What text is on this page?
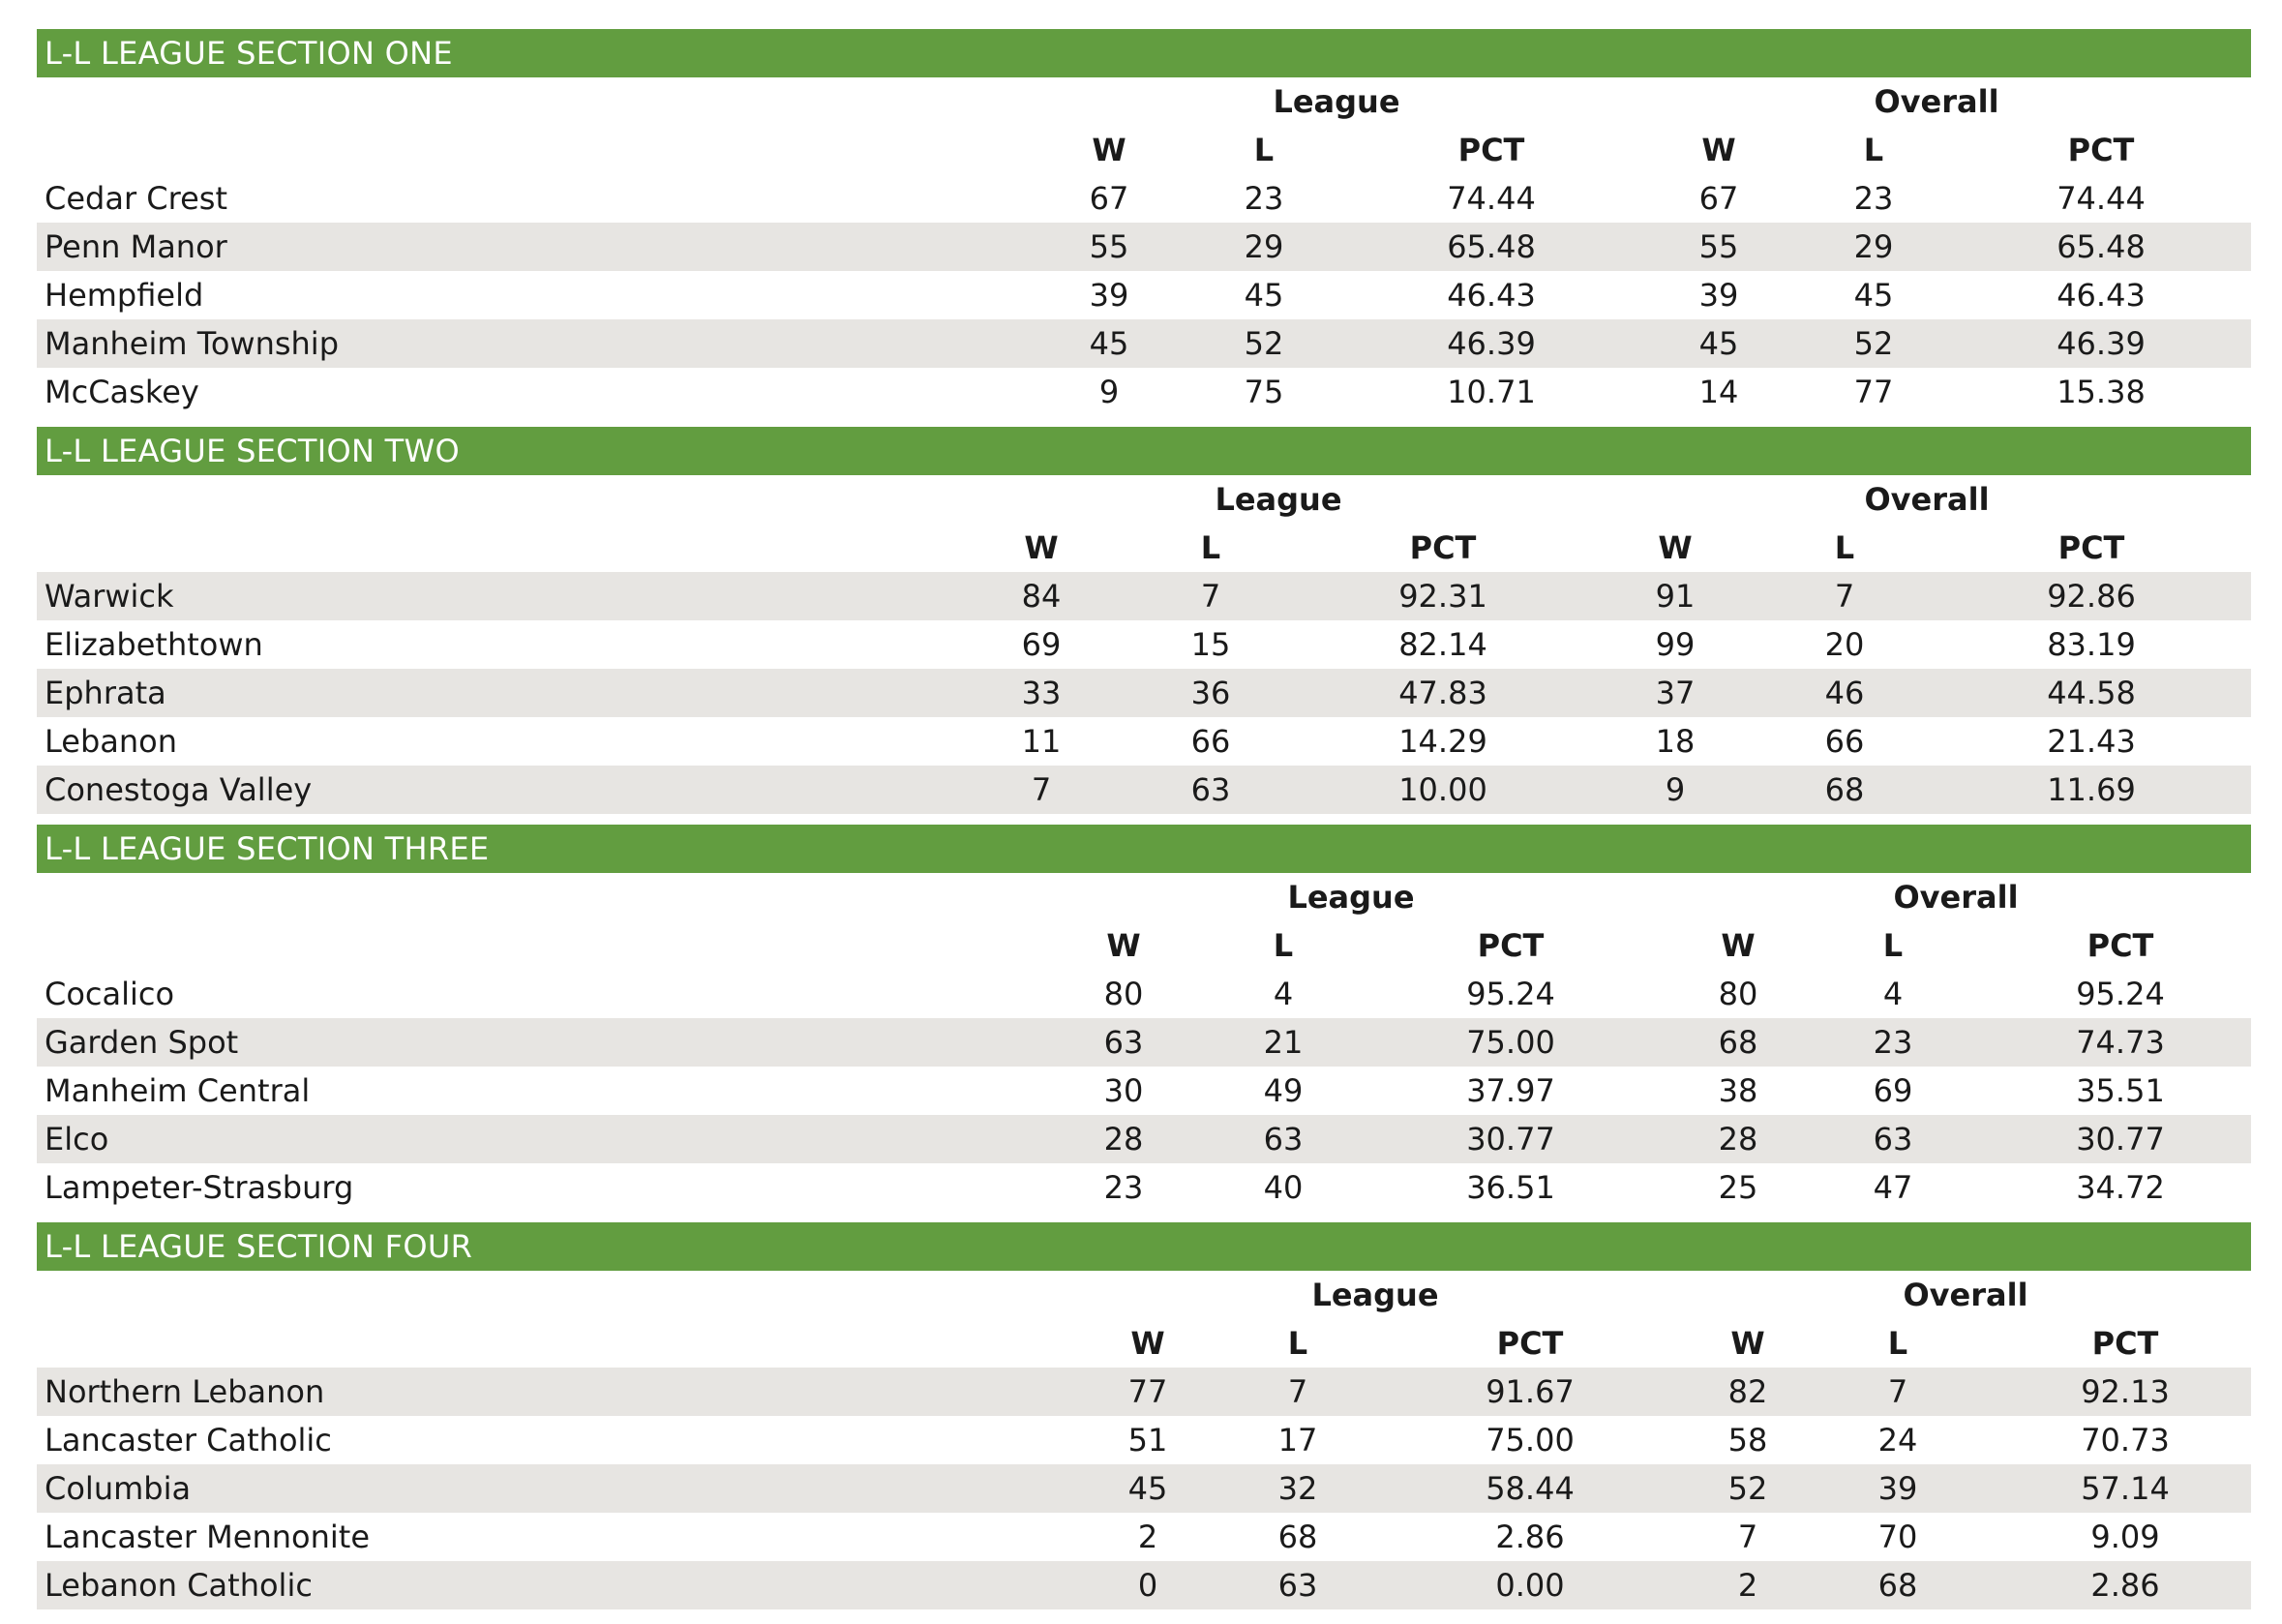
L-L LEAGUE SECTION ONE
League	Overall
W	L	PCT	W	L	PCT
Cedar Crest	67	23	74.44	67	23	74.44
Penn Manor	55	29	65.48	55	29	65.48
Hempfield	39	45	46.43	39	45	46.43
Manheim Township	45	52	46.39	45	52	46.39
McCaskey	9	75	10.71	14	77	15.38
L-L LEAGUE SECTION TWO
League	Overall
W	L	PCT	W	L	PCT
Warwick	84	7	92.31	91	7	92.86
Elizabethtown	69	15	82.14	99	20	83.19
Ephrata	33	36	47.83	37	46	44.58
Lebanon	11	66	14.29	18	66	21.43
Conestoga Valley	7	63	10.00	9	68	11.69
L-L LEAGUE SECTION THREE
League	Overall
W	L	PCT	W	L	PCT
Cocalico	80	4	95.24	80	4	95.24
Garden Spot	63	21	75.00	68	23	74.73
Manheim Central	30	49	37.97	38	69	35.51
Elco	28	63	30.77	28	63	30.77
Lampeter-Strasburg	23	40	36.51	25	47	34.72
L-L LEAGUE SECTION FOUR
League	Overall
W	L	PCT	W	L	PCT
Northern Lebanon	77	7	91.67	82	7	92.13
Lancaster Catholic	51	17	75.00	58	24	70.73
Columbia	45	32	58.44	52	39	57.14
Lancaster Mennonite	2	68	2.86	7	70	9.09
Lebanon Catholic	0	63	0.00	2	68	2.86
